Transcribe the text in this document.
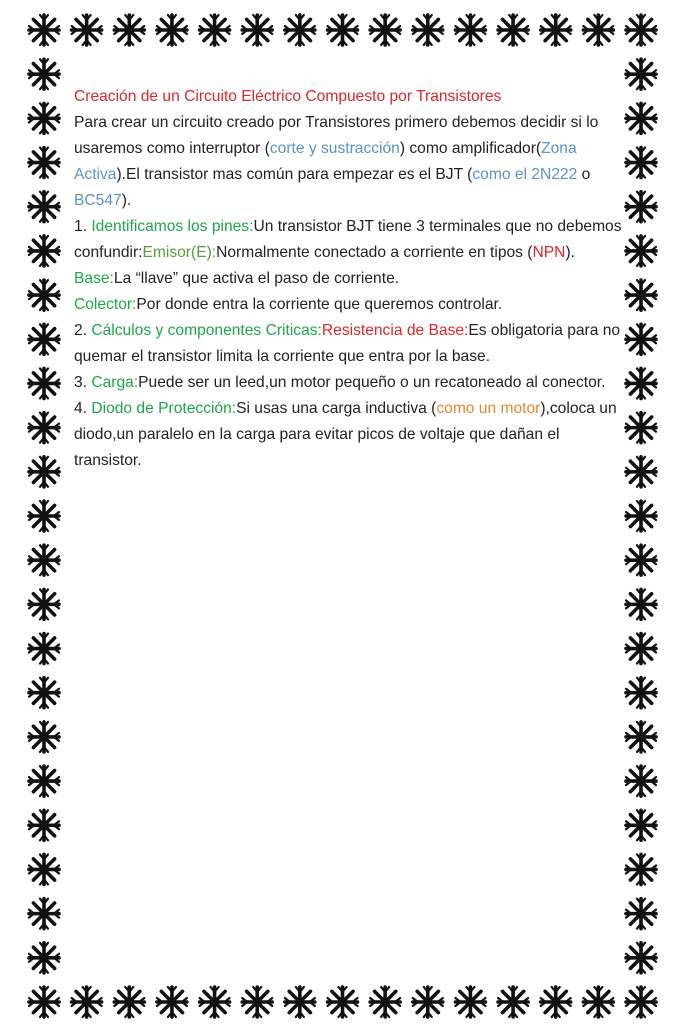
Creación de un Circuito Eléctrico Compuesto por Transistores

Para crear un circuito creado por Transistores primero debemos decidir si lo usaremos como interruptor (corte y sustracción) como amplificador(Zona Activa).El transistor mas común para empezar es el BJT (como el 2N222 o BC547).

1. Identificamos los pines:Un transistor BJT tiene 3 terminales que no debemos confundir:Emisor(E):Normalmente conectado a corriente en tipos (NPN).

Base:La “llave” que activa el paso de corriente.

Colector:Por donde entra la corriente que queremos controlar.

2. Cálculos y componentes Criticas:Resistencia de Base:Es obligatoria para no quemar el transistor limita la corriente que entra por la base.

3. Carga:Puede ser un leed,un motor pequeño o un recatoneado al conector.

4. Diodo de Protección:Si usas una carga inductiva (como un motor),coloca un diodo,un paralelo en la carga para evitar picos de voltaje que dañan el transistor.
